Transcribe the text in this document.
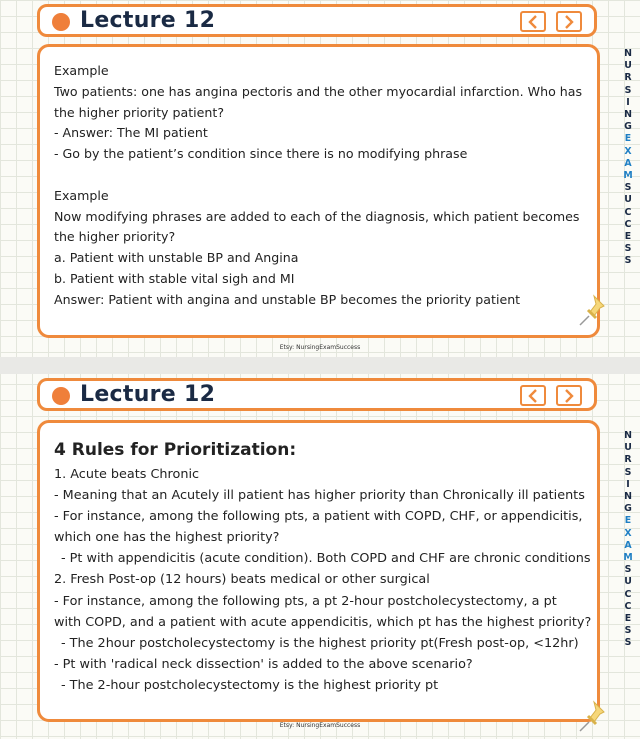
Lecture 12
Example
Two patients: one has angina pectoris and the other myocardial infarction. Who has
the higher priority patient?
- Answer: The MI patient
- Go by the patient’s condition since there is no modifying phrase
Example
Now modifying phrases are added to each of the diagnosis, which patient becomes
the higher priority?
a. Patient with unstable BP and Angina
b. Patient with stable vital sigh and MI
Answer: Patient with angina and unstable BP becomes the priority patient
Etsy: NursingExamSuccess
N
U
R
S
I
N
G
E
X
A
M
S
U
C
C
E
S
S
Lecture 12
4 Rules for Prioritization:
1. Acute beats Chronic
- Meaning that an Acutely ill patient has higher priority than Chronically ill patients
- For instance, among the following pts, a patient with COPD, CHF, or appendicitis,
which one has the highest priority?
- Pt with appendicitis (acute condition). Both COPD and CHF are chronic conditions
2. Fresh Post-op (12 hours) beats medical or other surgical
- For instance, among the following pts, a pt 2-hour postcholecystectomy, a pt
with COPD, and a patient with acute appendicitis, which pt has the highest priority?
- The 2hour postcholecystectomy is the highest priority pt(Fresh post-op, <12hr)
- Pt with 'radical neck dissection' is added to the above scenario?
- The 2-hour postcholecystectomy is the highest priority pt
Etsy: NursingExamSuccess
N
U
R
S
I
N
G
E
X
A
M
S
U
C
C
E
S
S
